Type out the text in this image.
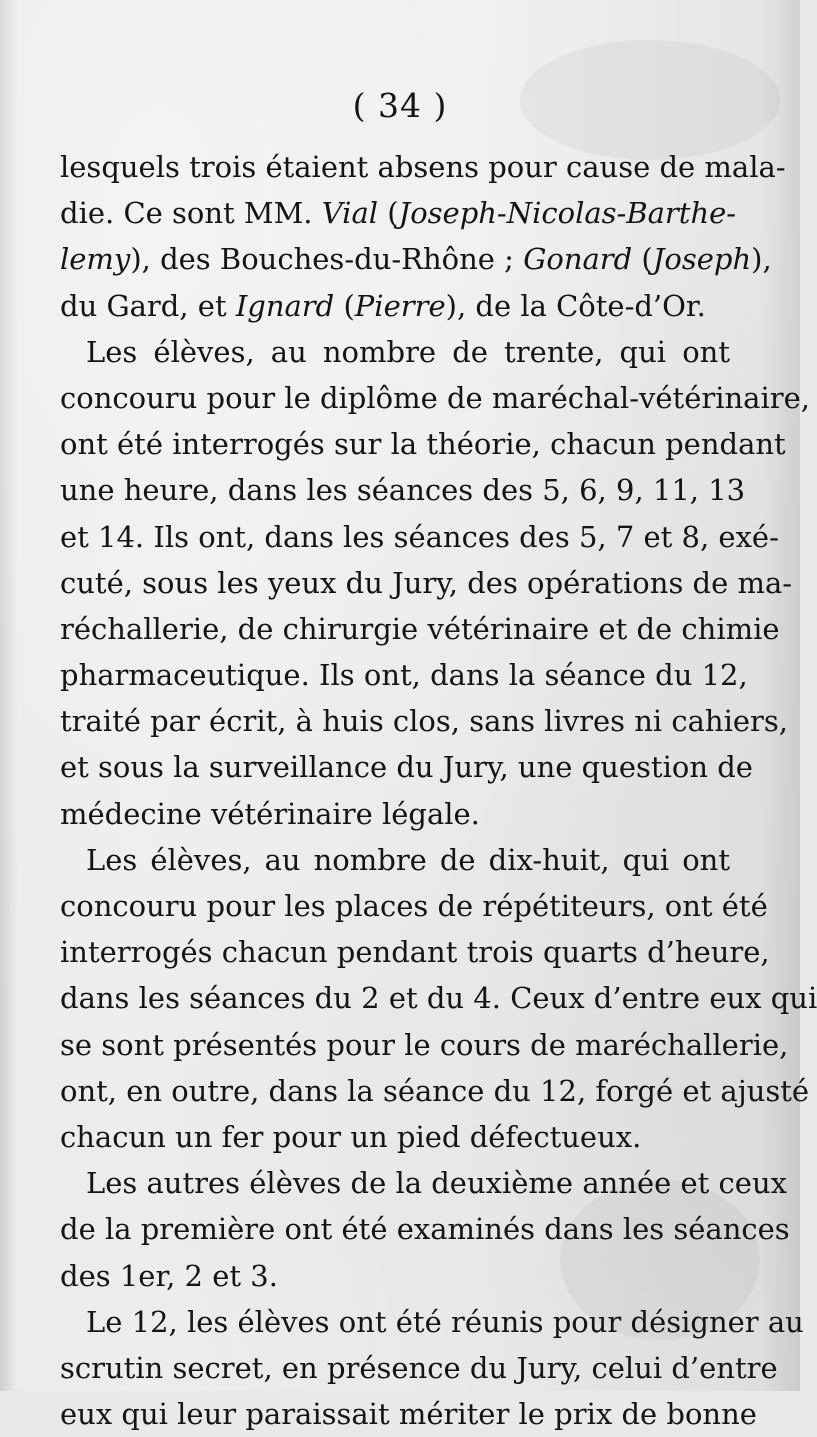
( 34 )
lesquels trois étaient absens pour cause de mala-
die. Ce sont MM. Vial (Joseph-Nicolas-Barthe-
lemy), des Bouches-du-Rhône ; Gonard (Joseph),
du Gard, et Ignard (Pierre), de la Côte-d’Or.
Les élèves, au nombre de trente, qui ont
concouru pour le diplôme de maréchal-vétérinaire,
ont été interrogés sur la théorie, chacun pendant
une heure, dans les séances des 5, 6, 9, 11, 13
et 14. Ils ont, dans les séances des 5, 7 et 8, exé-
cuté, sous les yeux du Jury, des opérations de ma-
réchallerie, de chirurgie vétérinaire et de chimie
pharmaceutique. Ils ont, dans la séance du 12,
traité par écrit, à huis clos, sans livres ni cahiers,
et sous la surveillance du Jury, une question de
médecine vétérinaire légale.
Les élèves, au nombre de dix-huit, qui ont
concouru pour les places de répétiteurs, ont été
interrogés chacun pendant trois quarts d’heure,
dans les séances du 2 et du 4. Ceux d’entre eux qui
se sont présentés pour le cours de maréchallerie,
ont, en outre, dans la séance du 12, forgé et ajusté
chacun un fer pour un pied défectueux.
Les autres élèves de la deuxième année et ceux
de la première ont été examinés dans les séances
des 1er, 2 et 3.
Le 12, les élèves ont été réunis pour désigner au
scrutin secret, en présence du Jury, celui d’entre
eux qui leur paraissait mériter le prix de bonne
